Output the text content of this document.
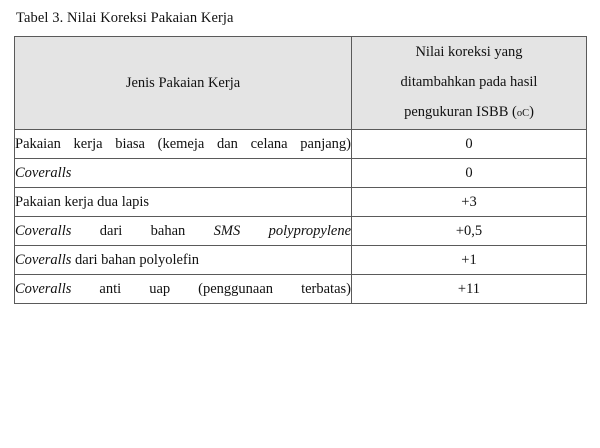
Tabel 3. Nilai Koreksi Pakaian Kerja
Jenis Pakaian Kerja	Nilai koreksi yang
ditambahkan pada hasil
pengukuran ISBB (oC)

Pakaian kerja biasa (kemeja dan celana panjang)	0
Coveralls	0
Pakaian kerja dua lapis	+3
Coveralls dari bahan SMS polypropylene	+0,5
Coveralls dari bahan polyolefin	+1
Coveralls anti uap (penggunaan terbatas)	+11
